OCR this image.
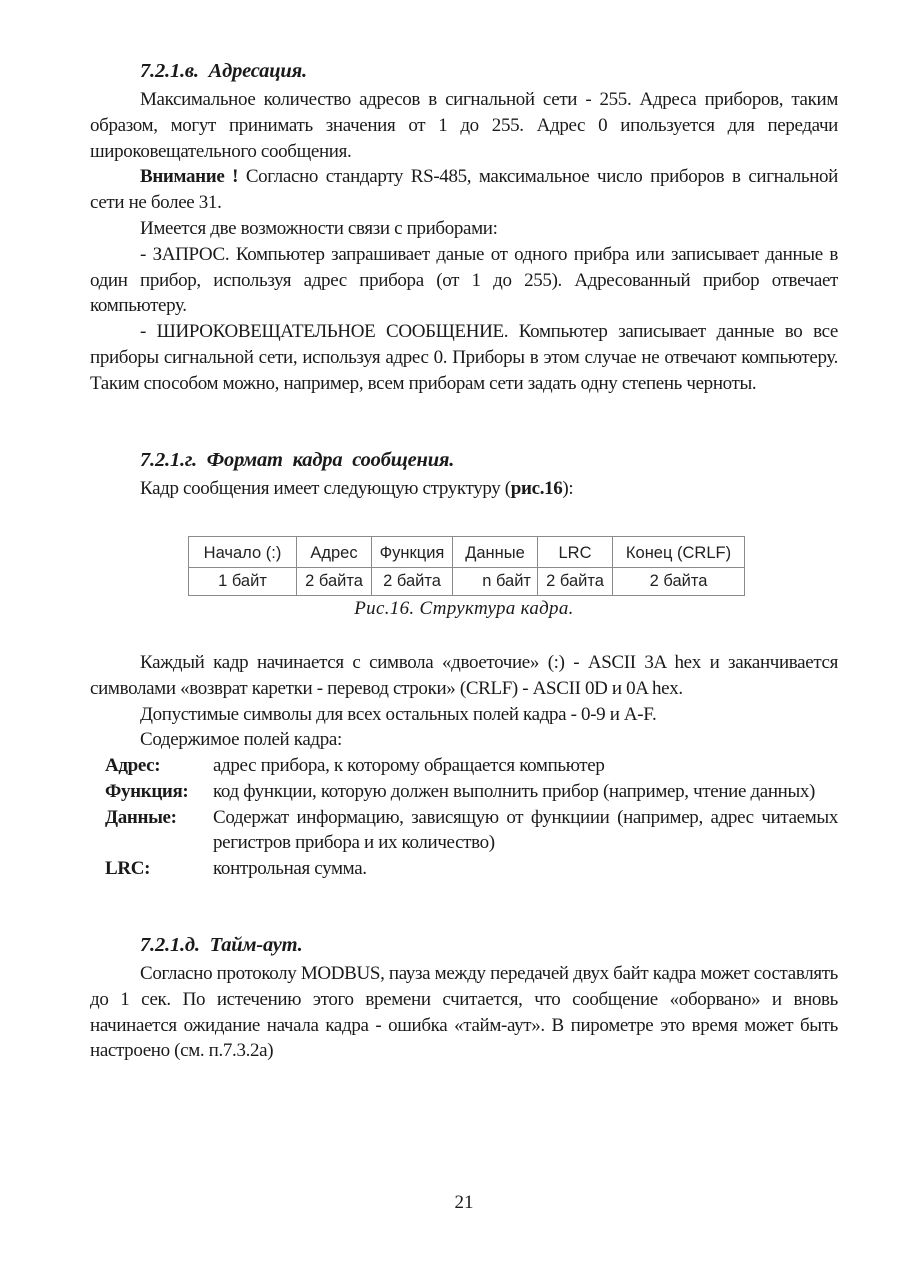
7.2.1.в.  Адресация.

Максимальное количество адресов в сигнальной сети - 255. Адреса приборов, таким образом, могут принимать значения от 1 до 255. Адрес 0 ипользуется для передачи широковещательного сообщения.

Внимание ! Согласно стандарту RS-485, максимальное число приборов в сигнальной сети не более 31.

Имеется две возможности связи с приборами:

- ЗАПРОС. Компьютер запрашивает даные от одного прибра или записывает данные в один прибор, используя адрес прибора (от 1 до 255). Адресованный прибор отвечает компьютеру.

- ШИРОКОВЕЩАТЕЛЬНОЕ СООБЩЕНИЕ. Компьютер записывает данные во все приборы сигнальной сети, используя адрес 0. Приборы в этом случае не отвечают компьютеру. Таким способом можно, например, всем приборам сети задать одну степень черноты.

7.2.1.г.  Формат  кадра  сообщения.

Кадр сообщения имеет следующую структуру (рис.16):

Начало (:)	Адрес	Функция	Данные	LRC	Конец (CRLF)
1 байт	2 байта	2 байта	n байт	2 байта	2 байта
Рис.16. Структура кадра.

Каждый кадр начинается с символа «двоеточие» (:) - ASCII 3A hex и заканчивается символами «возврат каретки - перевод строки» (CRLF) - ASCII 0D и 0A hex.

Допустимые символы для всех остальных полей кадра - 0-9 и A-F.

Содержимое полей кадра:

Адрес:	адрес прибора, к которому обращается компьютер
Функция:	код функции, которую должен выполнить прибор (например, чтение данных)
Данные:	Содержат информацию, зависящую от функциии (например, адрес читаемых регистров прибора и их количество)
LRC:	контрольная сумма.
7.2.1.д.  Тайм-аут.

Согласно протоколу MODBUS, пауза между передачей двух байт кадра может составлять до 1 сек. По истечению этого времени считается, что сообщение «оборвано» и вновь начинается ожидание начала кадра - ошибка «тайм-аут». В пирометре это время может быть настроено (см. п.7.3.2а)

21
